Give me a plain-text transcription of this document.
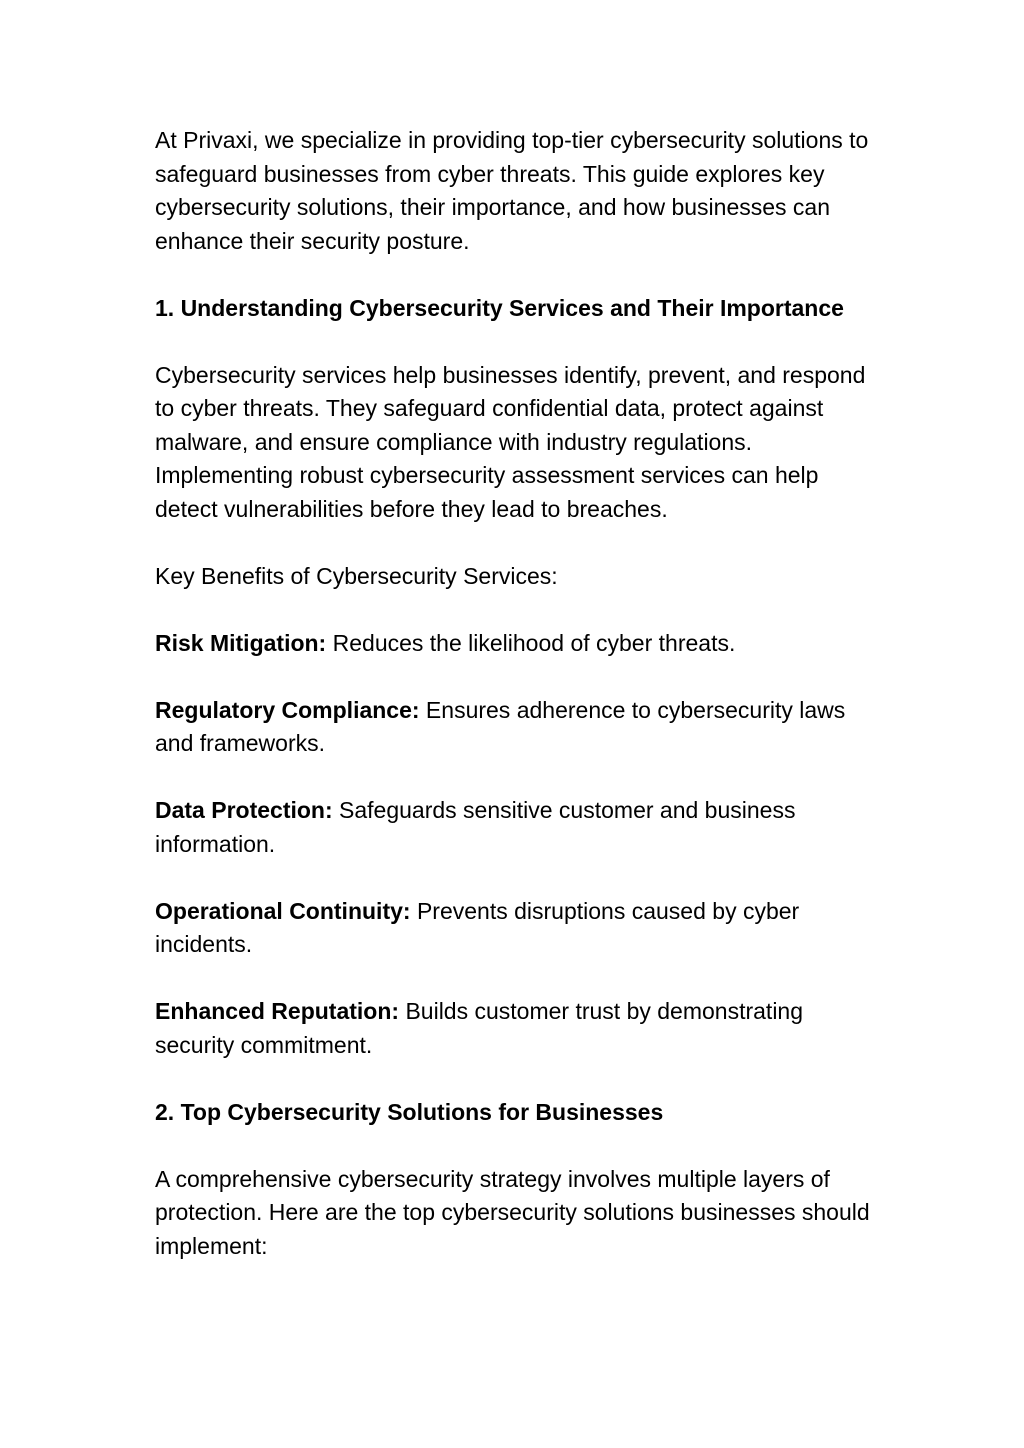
At Privaxi, we specialize in providing top-tier cybersecurity solutions to safeguard businesses from cyber threats. This guide explores key cybersecurity solutions, their importance, and how businesses can enhance their security posture.

1. Understanding Cybersecurity Services and Their Importance

Cybersecurity services help businesses identify, prevent, and respond to cyber threats. They safeguard confidential data, protect against malware, and ensure compliance with industry regulations. Implementing robust cybersecurity assessment services can help detect vulnerabilities before they lead to breaches.

Key Benefits of Cybersecurity Services:

Risk Mitigation: Reduces the likelihood of cyber threats.

Regulatory Compliance: Ensures adherence to cybersecurity laws and frameworks.

Data Protection: Safeguards sensitive customer and business information.

Operational Continuity: Prevents disruptions caused by cyber incidents.

Enhanced Reputation: Builds customer trust by demonstrating security commitment.

2. Top Cybersecurity Solutions for Businesses

A comprehensive cybersecurity strategy involves multiple layers of protection. Here are the top cybersecurity solutions businesses should implement:
